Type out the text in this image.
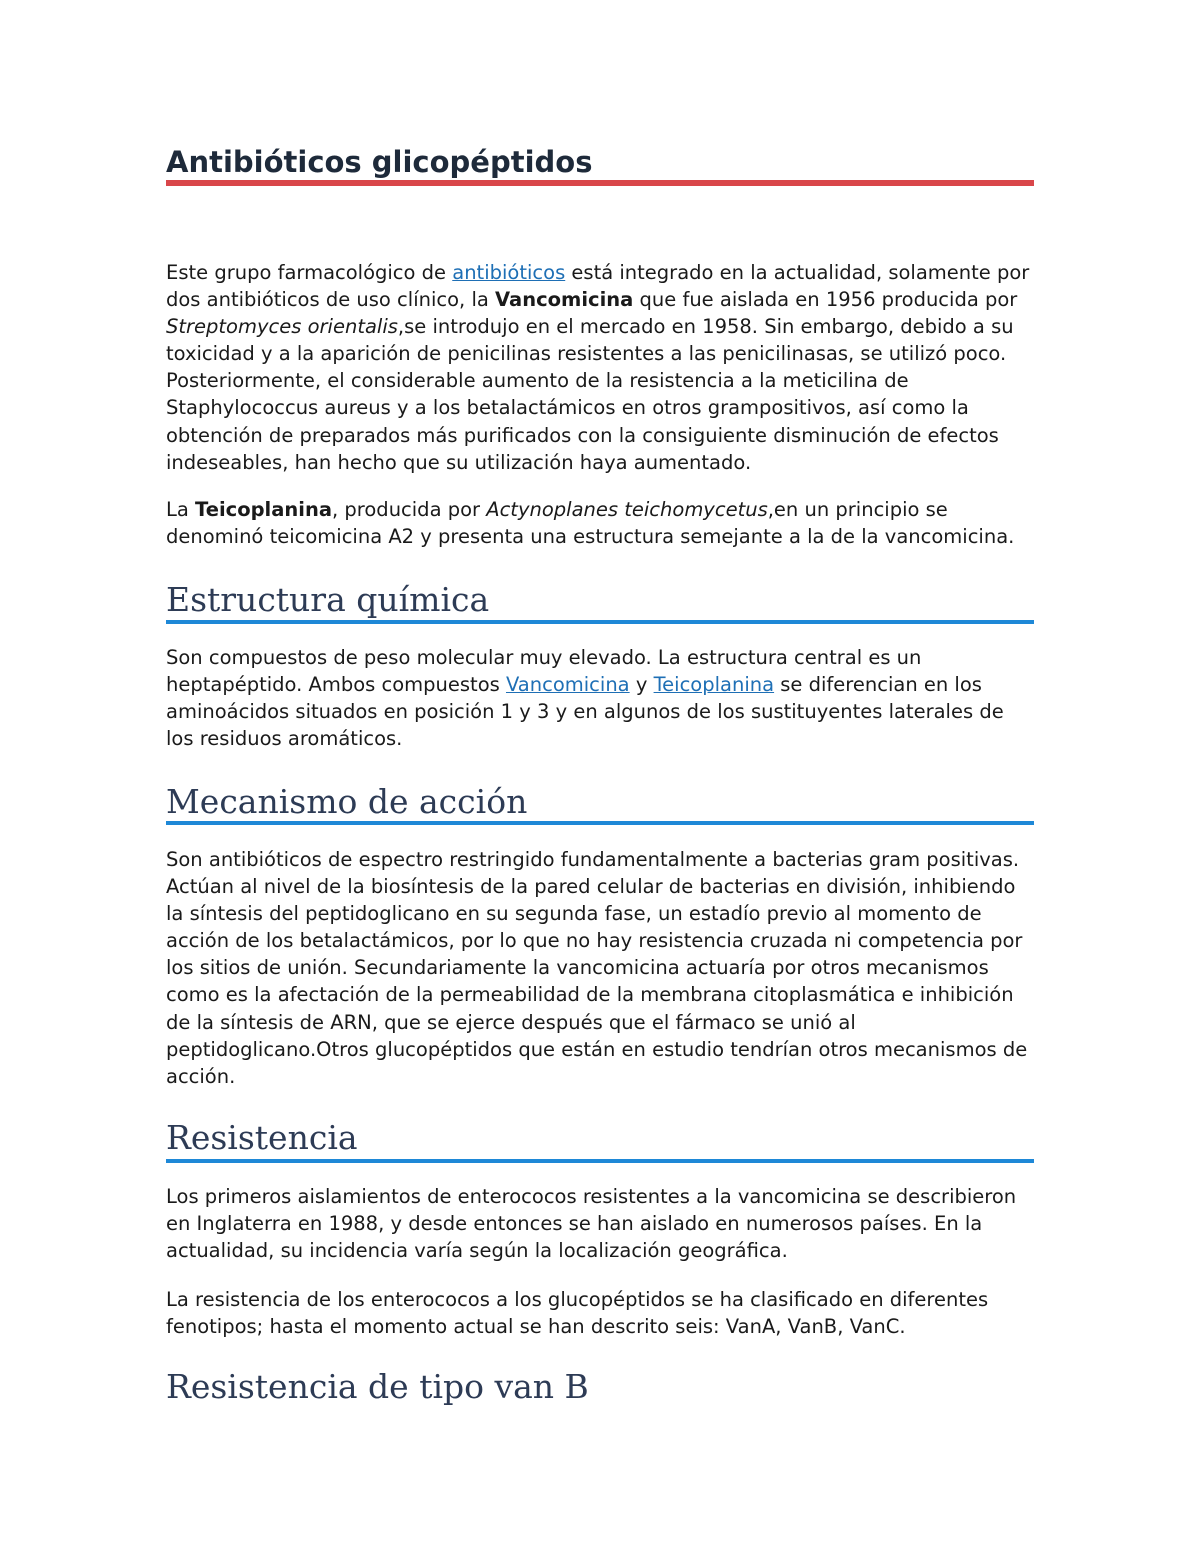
Antibióticos glicopéptidos

Este grupo farmacológico de antibióticos está integrado en la actualidad, solamente por dos antibióticos de uso clínico, la Vancomicina que fue aislada en 1956 producida por Streptomyces orientalis,se introdujo en el mercado en 1958. Sin embargo, debido a su toxicidad y a la aparición de penicilinas resistentes a las penicilinasas, se utilizó poco. Posteriormente, el considerable aumento de la resistencia a la meticilina de Staphylococcus aureus y a los betalactámicos en otros grampositivos, así como la obtención de preparados más purificados con la consiguiente disminución de efectos indeseables, han hecho que su utilización haya aumentado.

La Teicoplanina, producida por Actynoplanes teichomycetus,en un principio se denominó teicomicina A2 y presenta una estructura semejante a la de la vancomicina.

Estructura química

Son compuestos de peso molecular muy elevado. La estructura central es un heptapéptido. Ambos compuestos Vancomicina y Teicoplanina se diferencian en los aminoácidos situados en posición 1 y 3 y en algunos de los sustituyentes laterales de los residuos aromáticos.

Mecanismo de acción

Son antibióticos de espectro restringido fundamentalmente a bacterias gram positivas. Actúan al nivel de la biosíntesis de la pared celular de bacterias en división, inhibiendo la síntesis del peptidoglicano en su segunda fase, un estadío previo al momento de acción de los betalactámicos, por lo que no hay resistencia cruzada ni competencia por los sitios de unión. Secundariamente la vancomicina actuaría por otros mecanismos como es la afectación de la permeabilidad de la membrana citoplasmática e inhibición de la síntesis de ARN, que se ejerce después que el fármaco se unió al peptidoglicano.Otros glucopéptidos que están en estudio tendrían otros mecanismos de acción.

Resistencia

Los primeros aislamientos de enterococos resistentes a la vancomicina se describieron en Inglaterra en 1988, y desde entonces se han aislado en numerosos países. En la actualidad, su incidencia varía según la localización geográfica.

La resistencia de los enterococos a los glucopéptidos se ha clasificado en diferentes fenotipos; hasta el momento actual se han descrito seis: VanA, VanB, VanC.

Resistencia de tipo van B
